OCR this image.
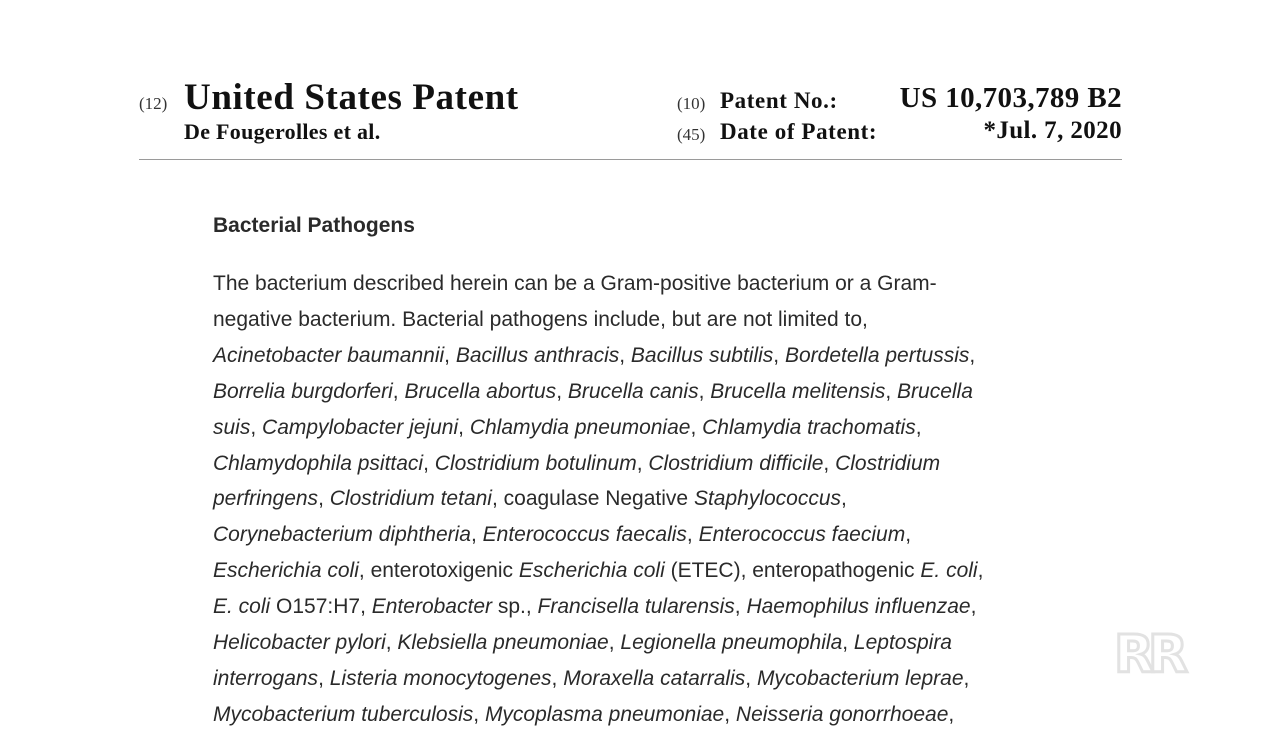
(12) United States Patent
De Fougerolles et al.
(10) Patent No.: US 10,703,789 B2
(45) Date of Patent:	*Jul. 7, 2020
Bacterial Pathogens

The bacterium described herein can be a Gram-positive bacterium or a Gram-
negative bacterium. Bacterial pathogens include, but are not limited to,
Acinetobacter baumannii, Bacillus anthracis, Bacillus subtilis, Bordetella pertussis,
Borrelia burgdorferi, Brucella abortus, Brucella canis, Brucella melitensis, Brucella
suis, Campylobacter jejuni, Chlamydia pneumoniae, Chlamydia trachomatis,
Chlamydophila psittaci, Clostridium botulinum, Clostridium difficile, Clostridium
perfringens, Clostridium tetani, coagulase Negative Staphylococcus,
Corynebacterium diphtheria, Enterococcus faecalis, Enterococcus faecium,
Escherichia coli, enterotoxigenic Escherichia coli (ETEC), enteropathogenic E. coli,
E. coli O157:H7, Enterobacter sp., Francisella tularensis, Haemophilus influenzae,
Helicobacter pylori, Klebsiella pneumoniae, Legionella pneumophila, Leptospira
interrogans, Listeria monocytogenes, Moraxella catarralis, Mycobacterium leprae,
Mycobacterium tuberculosis, Mycoplasma pneumoniae, Neisseria gonorrhoeae,

RR
